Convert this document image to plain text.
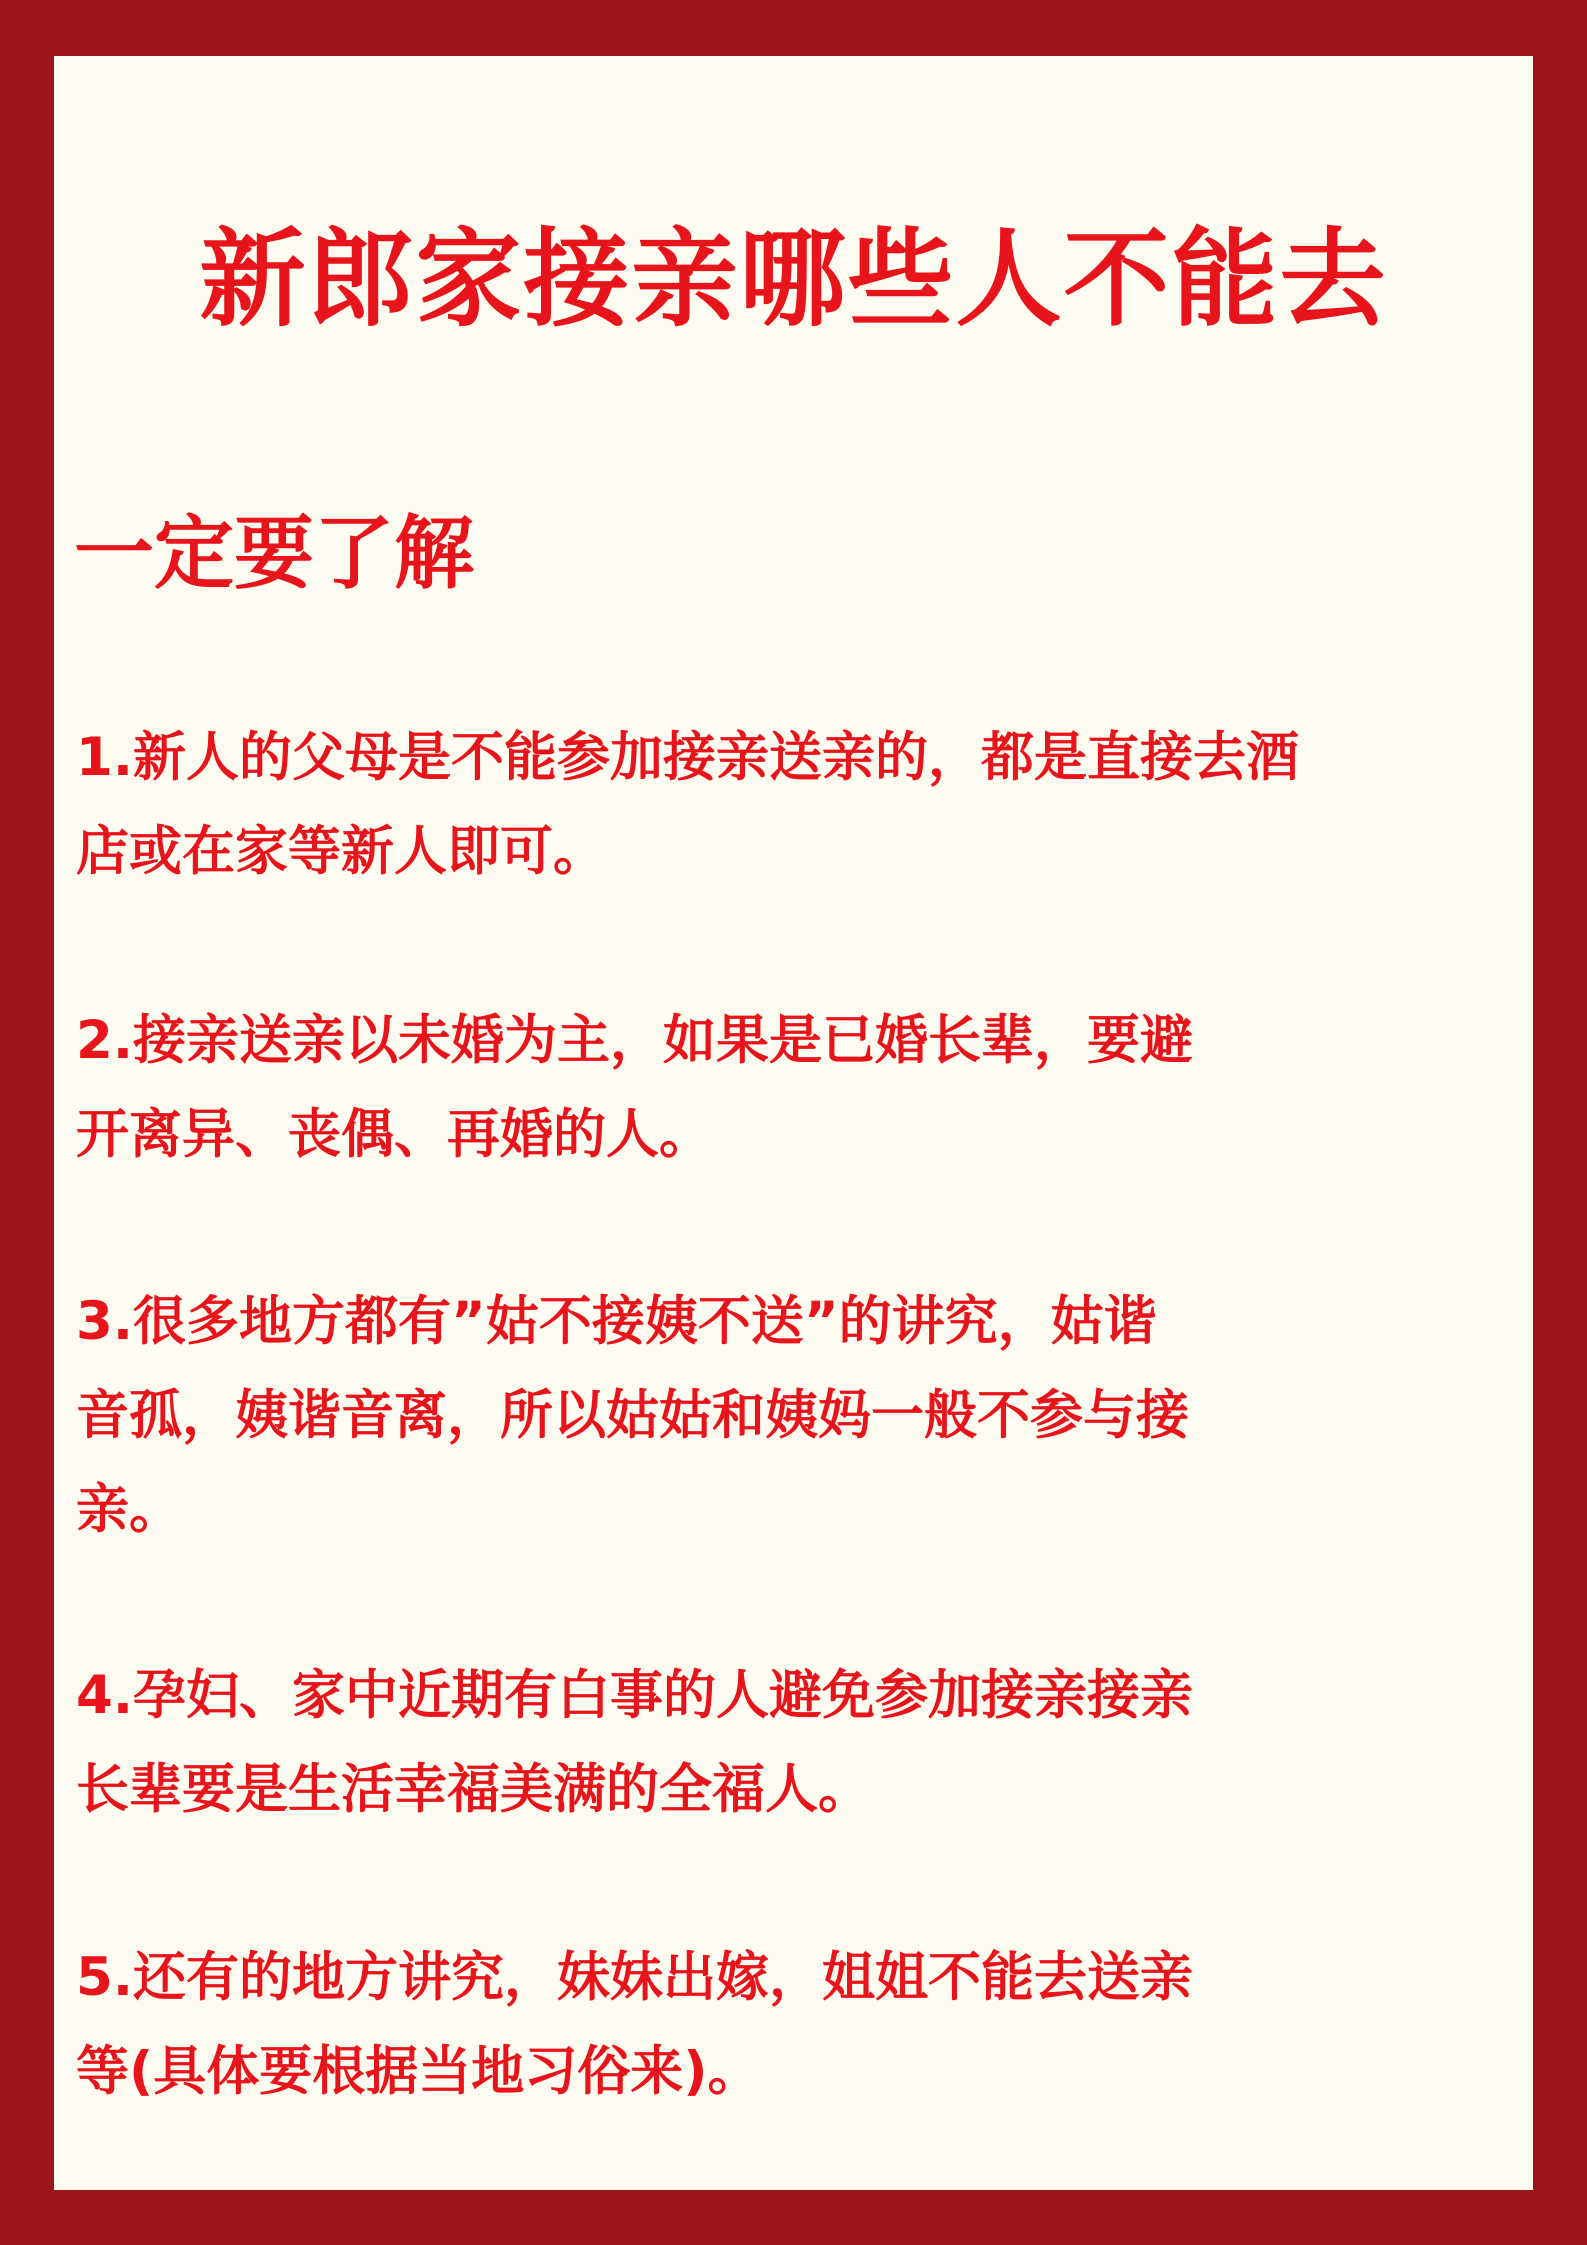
新郎家接亲哪些人不能去
一定要了解
1.新人的父母是不能参加接亲送亲的，都是直接去酒
店或在家等新人即可。
2.接亲送亲以未婚为主，如果是已婚长辈，要避
开离异、丧偶、再婚的人。
3.很多地方都有”姑不接姨不送”的讲究，姑谐
音孤，姨谐音离，所以姑姑和姨妈一般不参与接
亲。
4.孕妇、家中近期有白事的人避免参加接亲接亲
长辈要是生活幸福美满的全福人。
5.还有的地方讲究，妹妹出嫁，姐姐不能去送亲
等(具体要根据当地习俗来)。
